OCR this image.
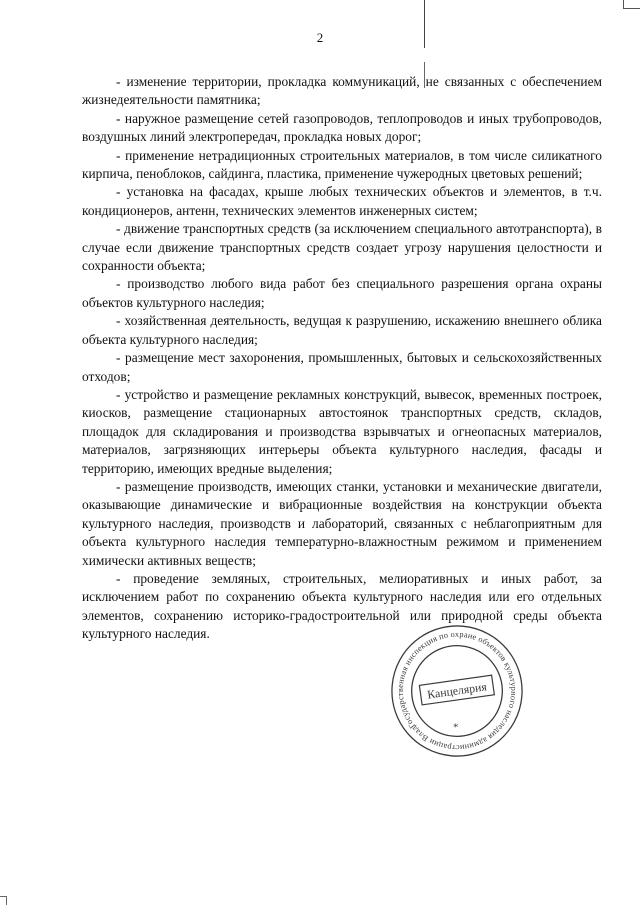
2

- изменение территории, прокладка коммуникаций, не связанных с обеспечением жизнедеятельности памятника;

- наружное размещение сетей газопроводов, теплопроводов и иных трубопроводов, воздушных линий электропередач, прокладка новых дорог;

- применение нетрадиционных строительных материалов, в том числе силикатного кирпича, пеноблоков, сайдинга, пластика, применение чужеродных цветовых решений;

- установка на фасадах, крыше любых технических объектов и элементов, в т.ч. кондиционеров, антенн, технических элементов инженерных систем;

- движение транспортных средств (за исключением специального автотранспорта), в случае если движение транспортных средств создает угрозу нарушения целостности и сохранности объекта;

- производство любого вида работ без специального разрешения органа охраны объектов культурного наследия;

- хозяйственная деятельность, ведущая к разрушению, искажению внешнего облика объекта культурного наследия;

- размещение мест захоронения, промышленных, бытовых и сельскохозяйственных отходов;

- устройство и размещение рекламных конструкций, вывесок, временных построек, киосков, размещение стационарных автостоянок транспортных средств, складов, площадок для складирования и производства взрывчатых и огнеопасных материалов, материалов, загрязняющих интерьеры объекта культурного наследия, фасады и территорию, имеющих вредные выделения;

- размещение производств, имеющих станки, установки и механические двигатели, оказывающие динамические и вибрационные воздействия на конструкции объекта культурного наследия, производств и лабораторий, связанных с неблагоприятным для объекта культурного наследия температурно-влажностным режимом и применением химически активных веществ;

- проведение земляных, строительных, мелиоративных и иных работ, за исключением работ по сохранению объекта культурного наследия или его отдельных элементов, сохранению историко-градостроительной или природной среды объекта культурного наследия.

Государственная инспекция по охране объектов культурного наследия администрации Владимирской	Канцелярия
*
